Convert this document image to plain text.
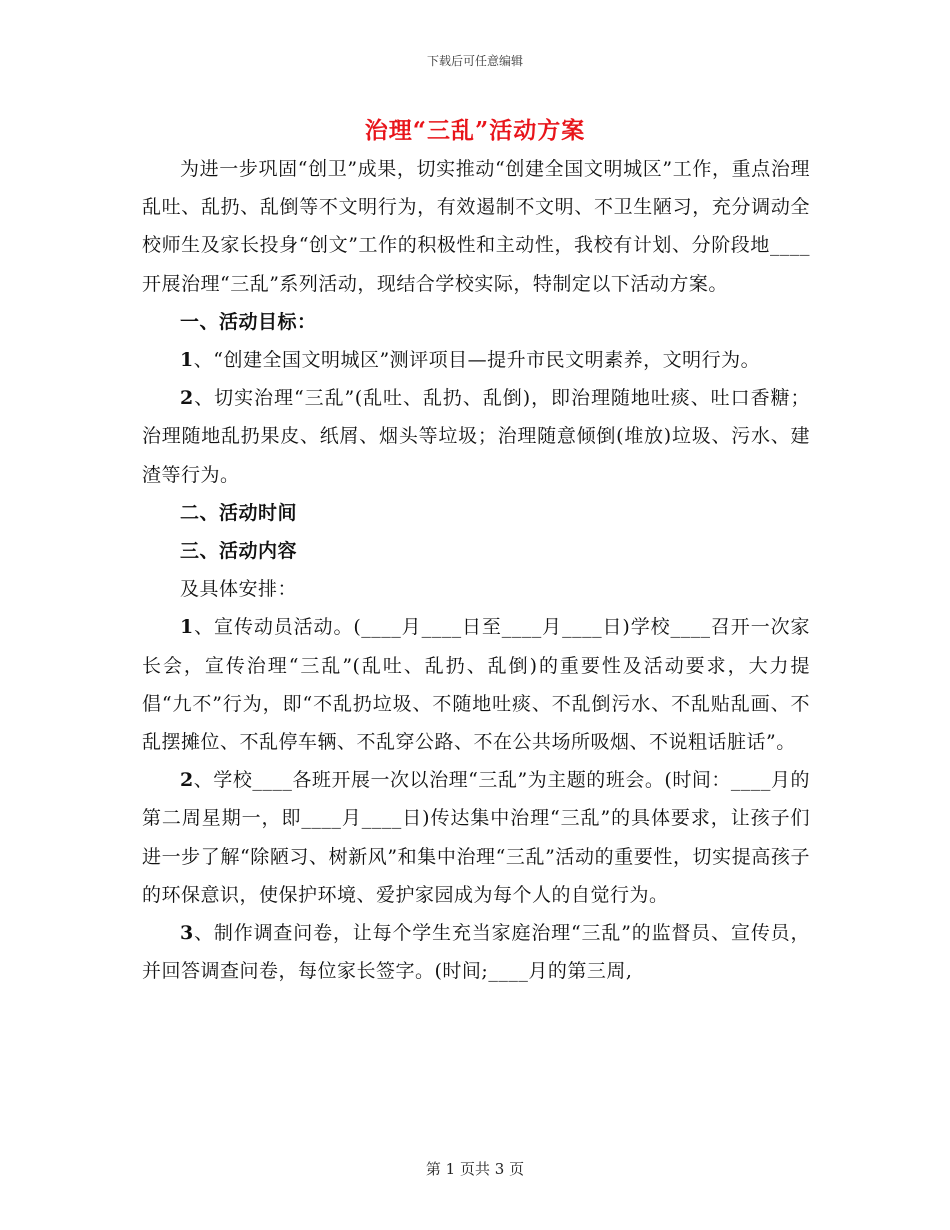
下载后可任意编辑
治理“三乱”活动方案

为进一步巩固“创卫”成果，切实推动“创建全国文明城区”工作，重点治理乱吐、乱扔、乱倒等不文明行为，有效遏制不文明、不卫生陋习，充分调动全校师生及家长投身“创文”工作的积极性和主动性，我校有计划、分阶段地____开展治理“三乱”系列活动，现结合学校实际，特制定以下活动方案。

一、活动目标：

1、“创建全国文明城区”测评项目—提升市民文明素养，文明行为。

2、切实治理“三乱”(乱吐、乱扔、乱倒)，即治理随地吐痰、吐口香糖；治理随地乱扔果皮、纸屑、烟头等垃圾；治理随意倾倒(堆放)垃圾、污水、建渣等行为。

二、活动时间

三、活动内容

及具体安排：

1、宣传动员活动。(____月____日至____月____日)学校____召开一次家长会，宣传治理“三乱”(乱吐、乱扔、乱倒)的重要性及活动要求，大力提倡“九不”行为，即“不乱扔垃圾、不随地吐痰、不乱倒污水、不乱贴乱画、不乱摆摊位、不乱停车辆、不乱穿公路、不在公共场所吸烟、不说粗话脏话”。

2、学校____各班开展一次以治理“三乱”为主题的班会。(时间：____月的第二周星期一，即____月____日)传达集中治理“三乱”的具体要求，让孩子们进一步了解“除陋习、树新风”和集中治理“三乱”活动的重要性，切实提高孩子的环保意识，使保护环境、爱护家园成为每个人的自觉行为。

3、制作调查问卷，让每个学生充当家庭治理“三乱”的监督员、宣传员，并回答调查问卷，每位家长签字。(时间;____月的第三周,

第 1 页共 3 页
